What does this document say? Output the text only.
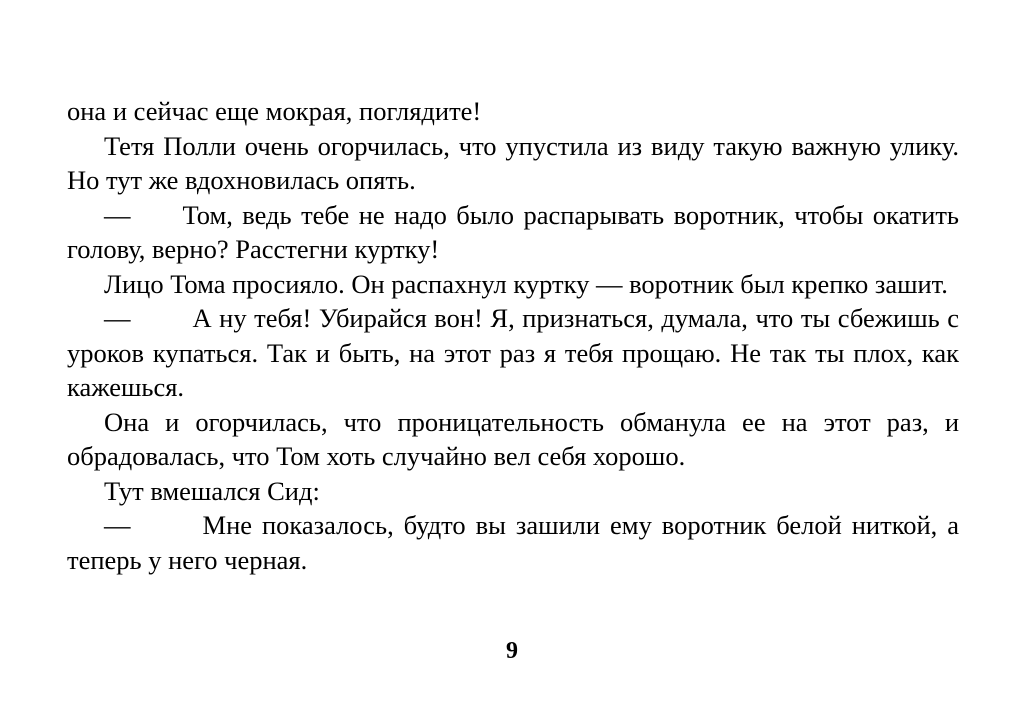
она и сейчас еще мокрая, поглядите!

Тетя Полли очень огорчилась, что упустила из виду такую важную улику. Но тут же вдохновилась опять.

— Том, ведь тебе не надо было распарывать воротник, чтобы окатить голову, верно? Расстегни куртку!

Лицо Тома просияло. Он распахнул куртку — воротник был крепко зашит.

— А ну тебя! Убирайся вон! Я, признаться, думала, что ты сбежишь с уроков купаться. Так и быть, на этот раз я тебя прощаю. Не так ты плох, как кажешься.

Она и огорчилась, что проницательность обманула ее на этот раз, и обрадовалась, что Том хоть случайно вел себя хорошо.

Тут вмешался Сид:

—	Мне показалось, будто вы зашили ему воротник белой ниткой, а теперь у него черная.

9
